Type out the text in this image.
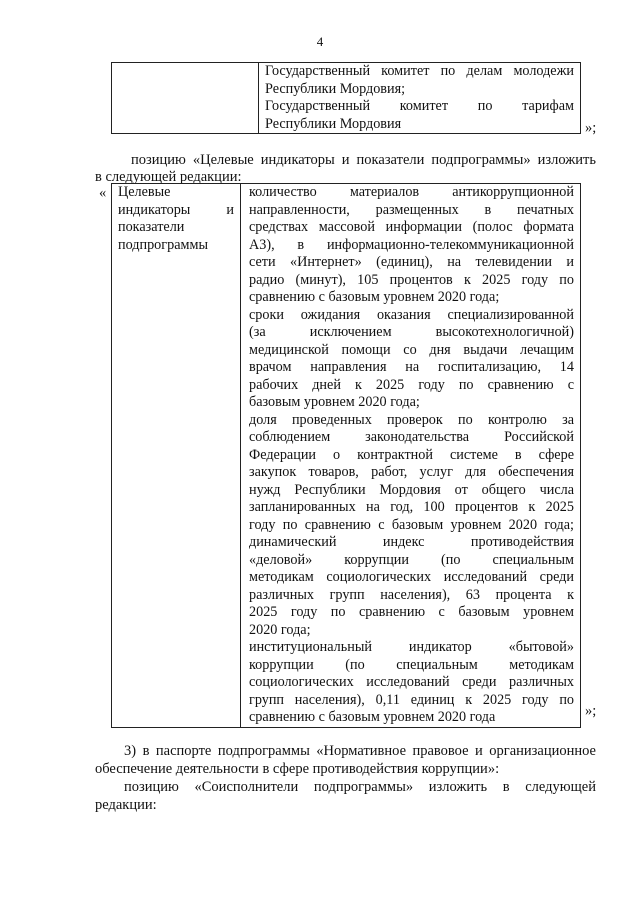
4

Государственный комитет по делам молодежи
Республики Мордовия;
Государственный комитет по тарифам
Республики Мордовия	»;
позицию «Целевые индикаторы и показатели подпрограммы» изложить
в следующей редакции:
« Целевые
индикаторы и
показатели
подпрограммы

количество материалов антикоррупционной
направленности, размещенных в печатных
средствах массовой информации (полос формата
А3), в информационно-телекоммуникационной
сети «Интернет» (единиц), на телевидении и
радио (минут), 105 процентов к 2025 году по
сравнению с базовым уровнем 2020 года;
сроки ожидания оказания специализированной
(за исключением высокотехнологичной)
медицинской помощи со дня выдачи лечащим
врачом направления на госпитализацию, 14
рабочих дней к 2025 году по сравнению с
базовым уровнем 2020 года;
доля проведенных проверок по контролю за
соблюдением законодательства Российской
Федерации о контрактной системе в сфере
закупок товаров, работ, услуг для обеспечения
нужд Республики Мордовия от общего числа
запланированных на год, 100 процентов к 2025
году по сравнению с базовым уровнем 2020 года;
динамический индекс противодействия
«деловой» коррупции (по специальным
методикам социологических исследований среди
различных групп населения), 63 процента к
2025 году по сравнению с базовым уровнем
2020 года;
институциональный индикатор «бытовой»
коррупции (по специальным методикам
социологических исследований среди различных
групп населения), 0,11 единиц к 2025 году по
сравнению с базовым уровнем 2020 года	»;
3) в паспорте подпрограммы «Нормативное правовое и организационное
обеспечение деятельности в сфере противодействия коррупции»:
позицию «Соисполнители подпрограммы» изложить в следующей
редакции:
